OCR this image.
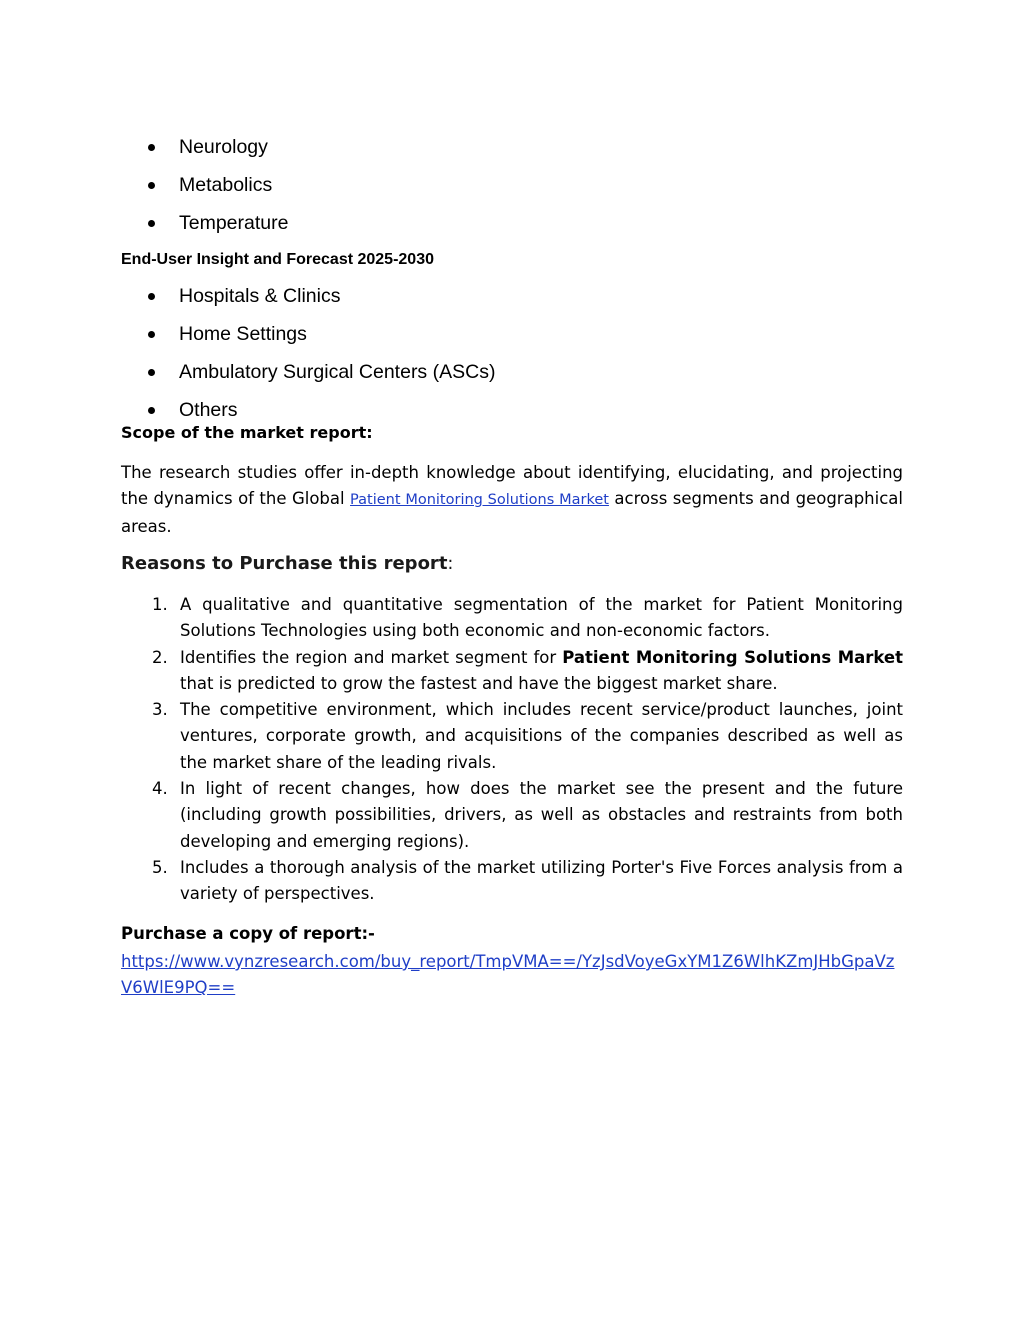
Neurology
Metabolics
Temperature
End-User Insight and Forecast 2025-2030
Hospitals & Clinics
Home Settings
Ambulatory Surgical Centers (ASCs)
Others
Scope of the market report:

The research studies offer in-depth knowledge about identifying, elucidating, and projecting the dynamics of the Global Patient Monitoring Solutions Market across segments and geographical areas.

Reasons to Purchase this report:
1. A qualitative and quantitative segmentation of the market for Patient Monitoring Solutions Technologies using both economic and non-economic factors.
2. Identifies the region and market segment for Patient Monitoring Solutions Market that is predicted to grow the fastest and have the biggest market share.
3. The competitive environment, which includes recent service/product launches, joint ventures, corporate growth, and acquisitions of the companies described as well as the market share of the leading rivals.
4. In light of recent changes, how does the market see the present and the future (including growth possibilities, drivers, as well as obstacles and restraints from both developing and emerging regions).
5. Includes a thorough analysis of the market utilizing Porter's Five Forces analysis from a variety of perspectives.
Purchase a copy of report:-
https://www.vynzresearch.com/buy_report/TmpVMA==/YzJsdVoyeGxYM1Z6WlhKZmJHbGpaVzV6WlE9PQ==
